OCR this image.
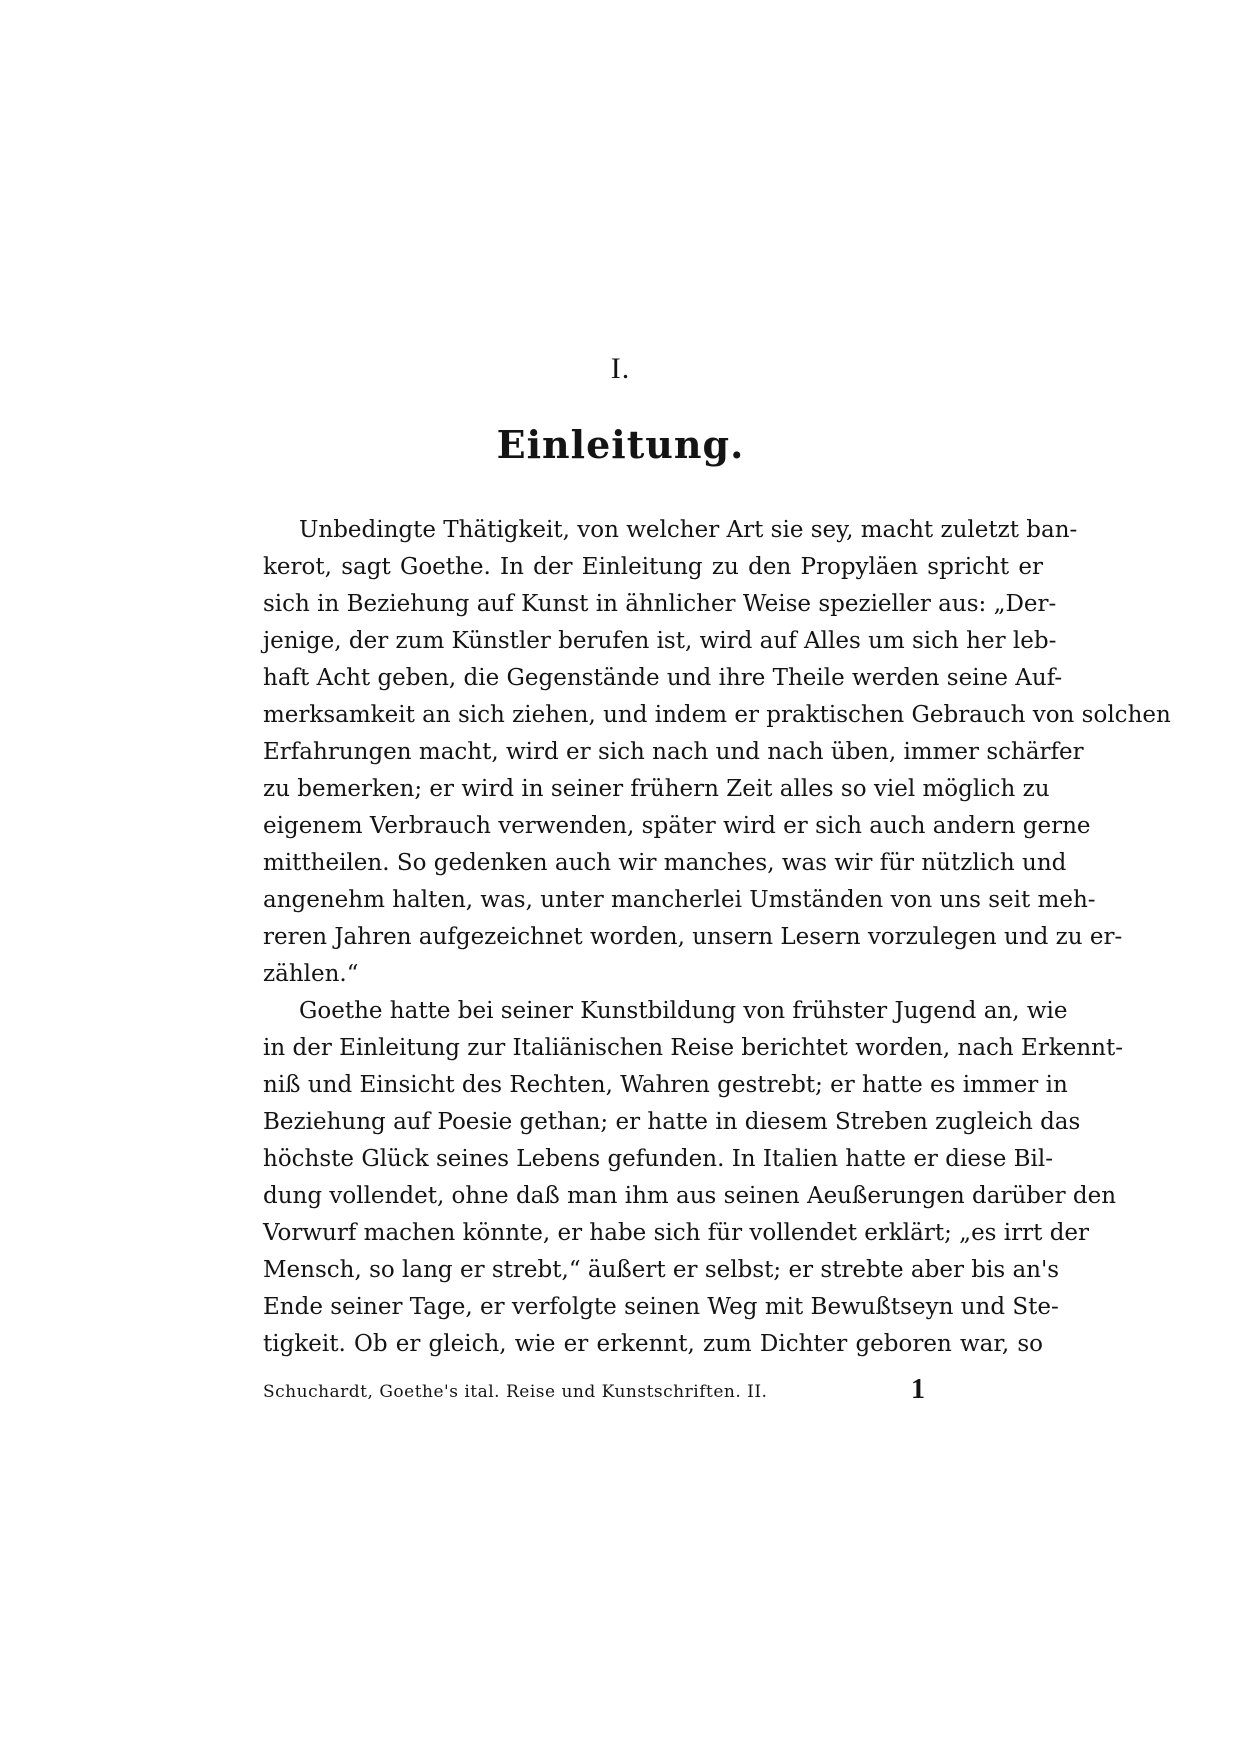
I.
Einleitung.
Unbedingte Thätigkeit, von welcher Art sie sey, macht zuletzt ban-
kerot, sagt Goethe. In der Einleitung zu den Propyläen spricht er
sich in Beziehung auf Kunst in ähnlicher Weise spezieller aus: „Der-
jenige, der zum Künstler berufen ist, wird auf Alles um sich her leb-
haft Acht geben, die Gegenstände und ihre Theile werden seine Auf-
merksamkeit an sich ziehen, und indem er praktischen Gebrauch von solchen
Erfahrungen macht, wird er sich nach und nach üben, immer schärfer
zu bemerken; er wird in seiner frühern Zeit alles so viel möglich zu
eigenem Verbrauch verwenden, später wird er sich auch andern gerne
mittheilen. So gedenken auch wir manches, was wir für nützlich und
angenehm halten, was, unter mancherlei Umständen von uns seit meh-
reren Jahren aufgezeichnet worden, unsern Lesern vorzulegen und zu er-
zählen.“
Goethe hatte bei seiner Kunstbildung von frühster Jugend an, wie
in der Einleitung zur Italiänischen Reise berichtet worden, nach Erkennt-
niß und Einsicht des Rechten, Wahren gestrebt; er hatte es immer in
Beziehung auf Poesie gethan; er hatte in diesem Streben zugleich das
höchste Glück seines Lebens gefunden. In Italien hatte er diese Bil-
dung vollendet, ohne daß man ihm aus seinen Aeußerungen darüber den
Vorwurf machen könnte, er habe sich für vollendet erklärt; „es irrt der
Mensch, so lang er strebt,“ äußert er selbst; er strebte aber bis an's
Ende seiner Tage, er verfolgte seinen Weg mit Bewußtseyn und Ste-
tigkeit. Ob er gleich, wie er erkennt, zum Dichter geboren war, so
Schuchardt, Goethe's ital. Reise und Kunstschriften. II.	1
